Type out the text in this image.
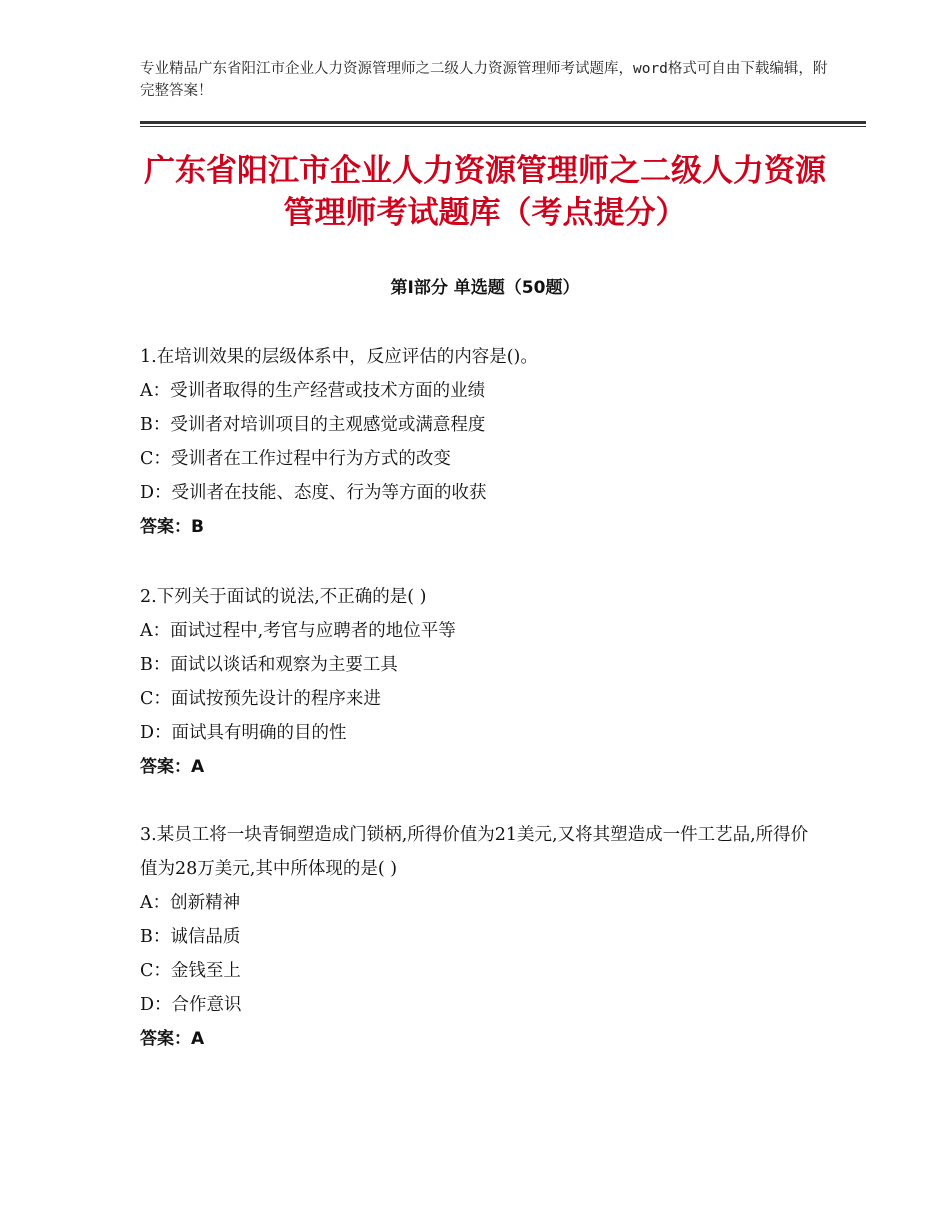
专业精品广东省阳江市企业人力资源管理师之二级人力资源管理师考试题库，word格式可自由下载编辑，附完整答案！
广东省阳江市企业人力资源管理师之二级人力资源管理师考试题库（考点提分）
第Ⅰ部分 单选题（50题）
1.在培训效果的层级体系中，反应评估的内容是()。
A：受训者取得的生产经营或技术方面的业绩
B：受训者对培训项目的主观感觉或满意程度
C：受训者在工作过程中行为方式的改变
D：受训者在技能、态度、行为等方面的收获
答案：B
2.下列关于面试的说法,不正确的是( )
A：面试过程中,考官与应聘者的地位平等
B：面试以谈话和观察为主要工具
C：面试按预先设计的程序来进
D：面试具有明确的目的性
答案：A
3.某员工将一块青铜塑造成门锁柄,所得价值为21美元,又将其塑造成一件工艺品,所得价值为28万美元,其中所体现的是( )
A：创新精神
B：诚信品质
C：金钱至上
D：合作意识
答案：A
